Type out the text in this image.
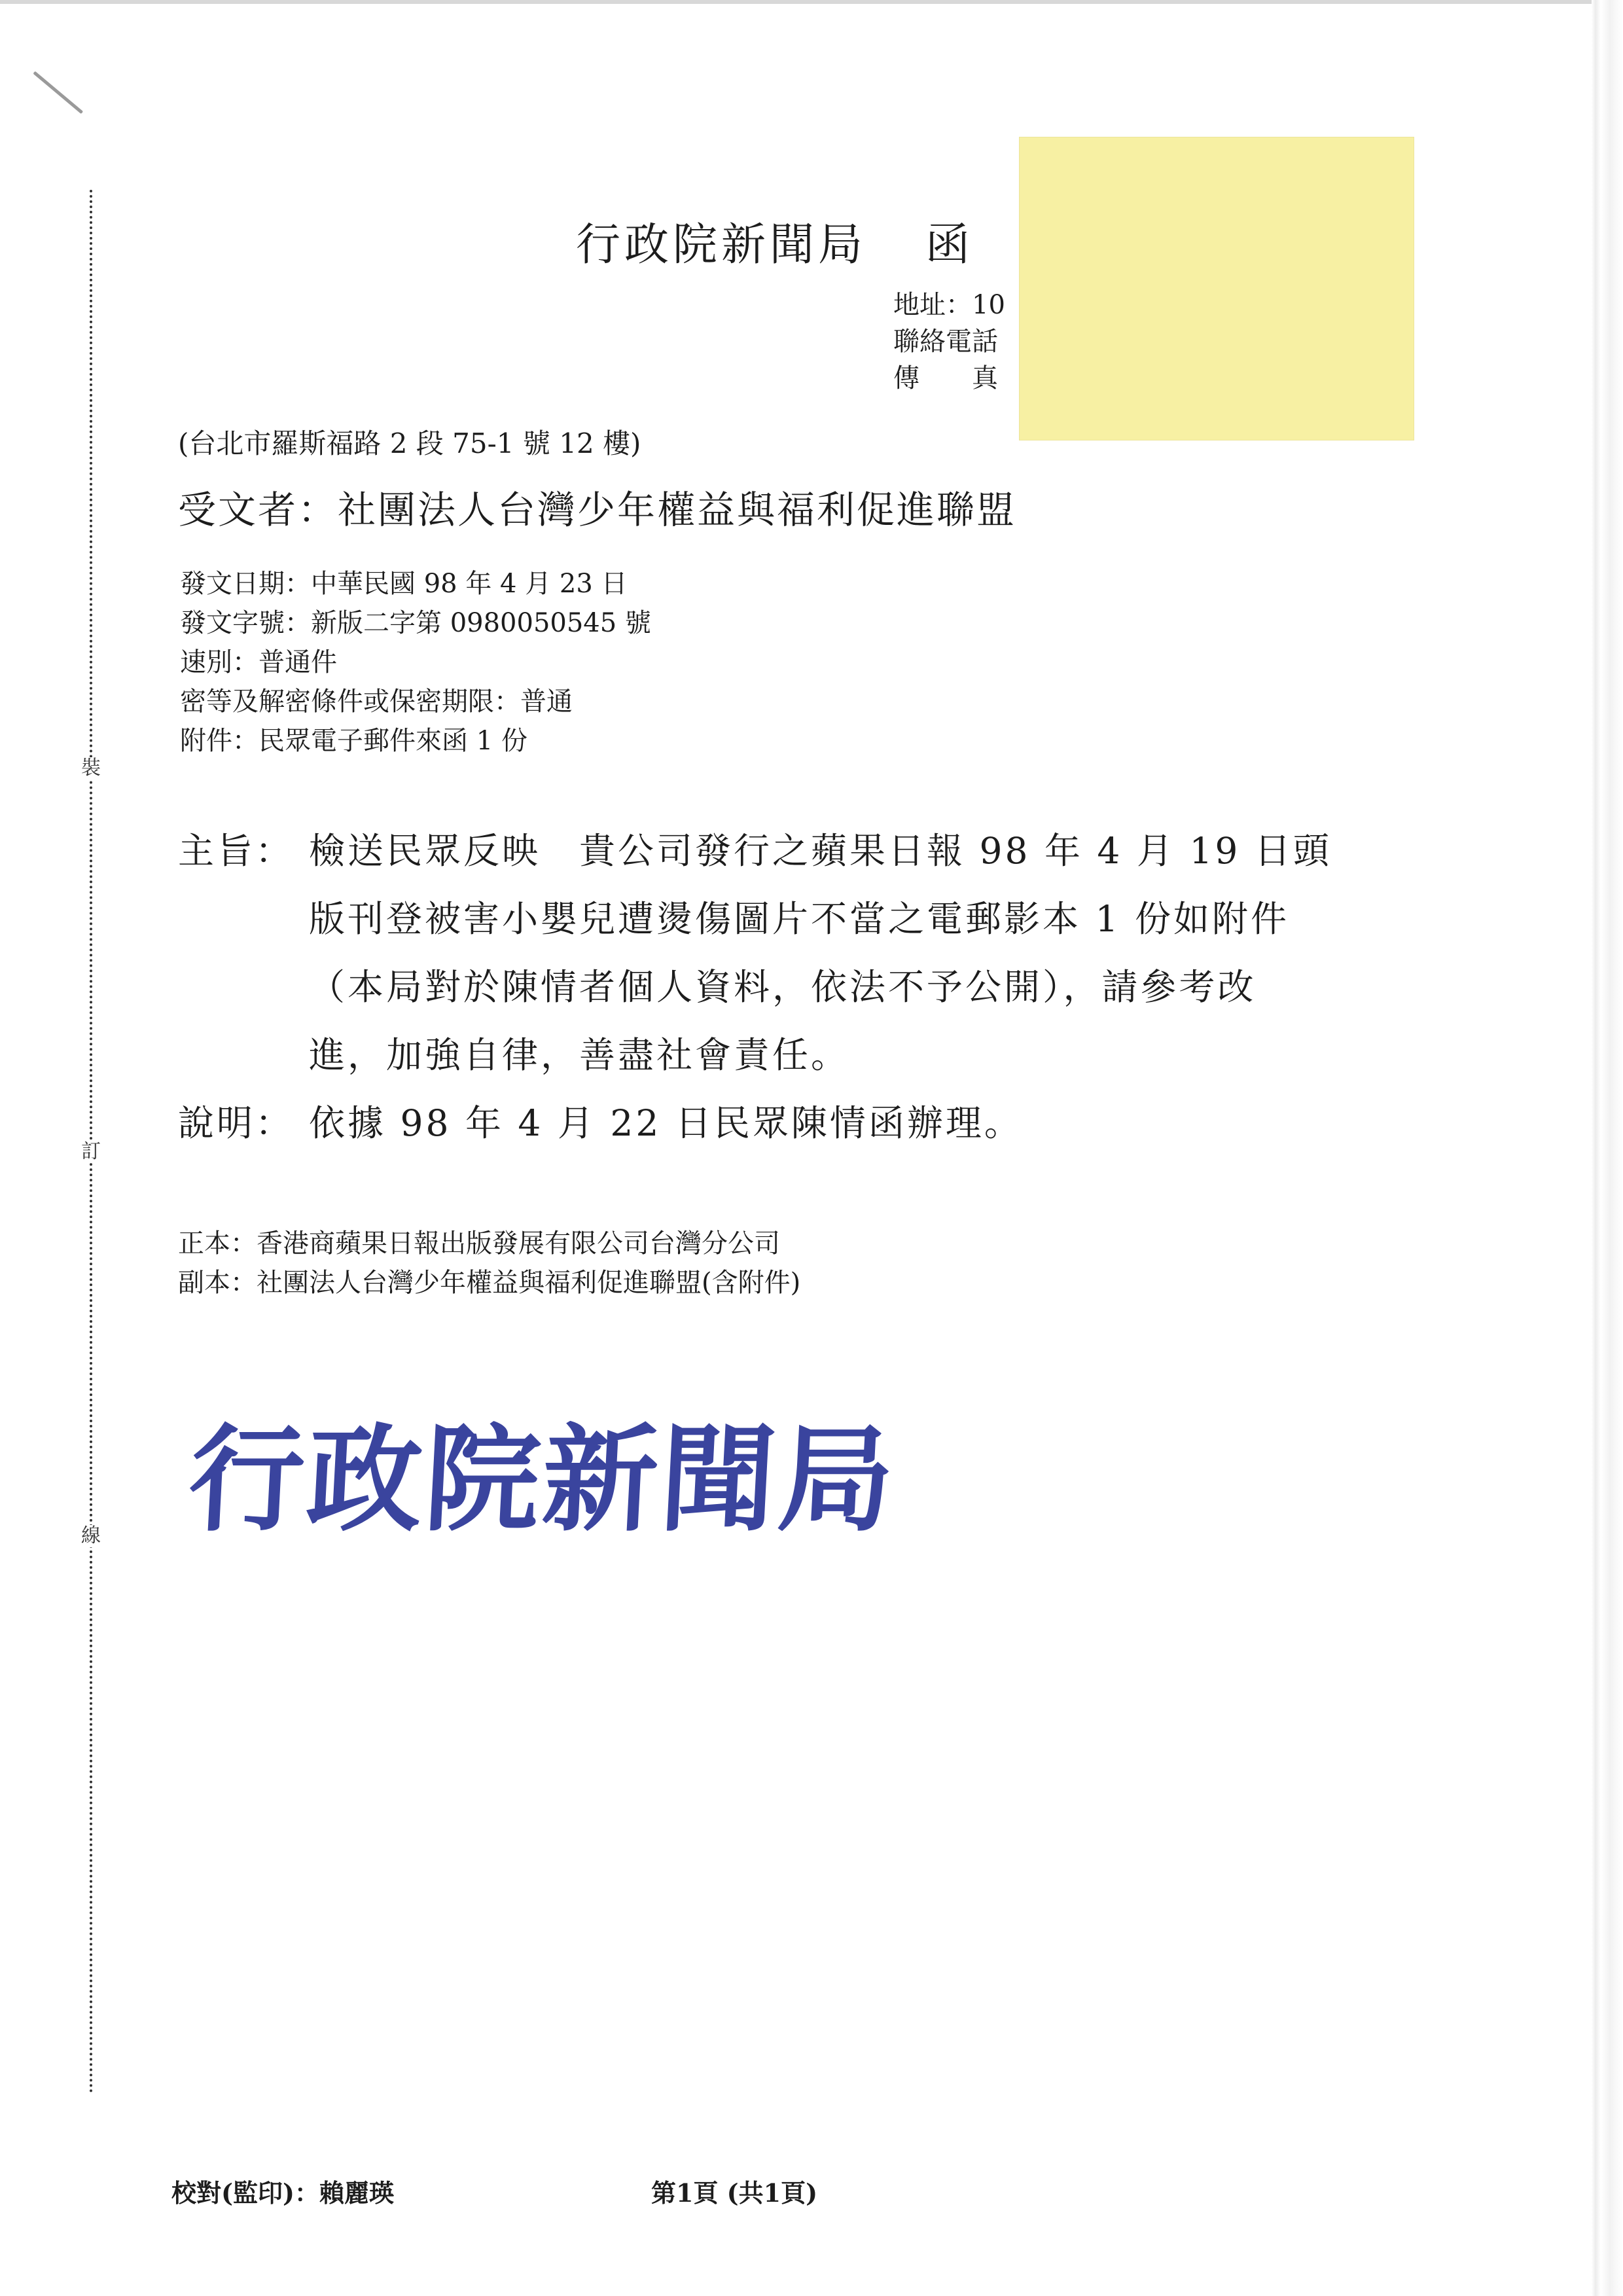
裝
訂
線
行政院新聞局 函
地址：10
聯絡電話
傳　　真
(台北市羅斯福路 2 段 75-1 號 12 樓)
受文者：社團法人台灣少年權益與福利促進聯盟
發文日期：中華民國 98 年 4 月 23 日
發文字號：新版二字第 0980050545 號
速別：普通件
密等及解密條件或保密期限：普通
附件：民眾電子郵件來函 1 份
主旨： 檢送民眾反映　貴公司發行之蘋果日報 98 年 4 月 19 日頭
版刊登被害小嬰兒遭燙傷圖片不當之電郵影本 1 份如附件
（本局對於陳情者個人資料，依法不予公開），請參考改
進，加強自律，善盡社會責任。
說明： 依據 98 年 4 月 22 日民眾陳情函辦理。
正本：香港商蘋果日報出版發展有限公司台灣分公司
副本：社團法人台灣少年權益與福利促進聯盟(含附件)
行政院新聞局
校對(監印)：賴麗瑛	第1頁 (共1頁)
